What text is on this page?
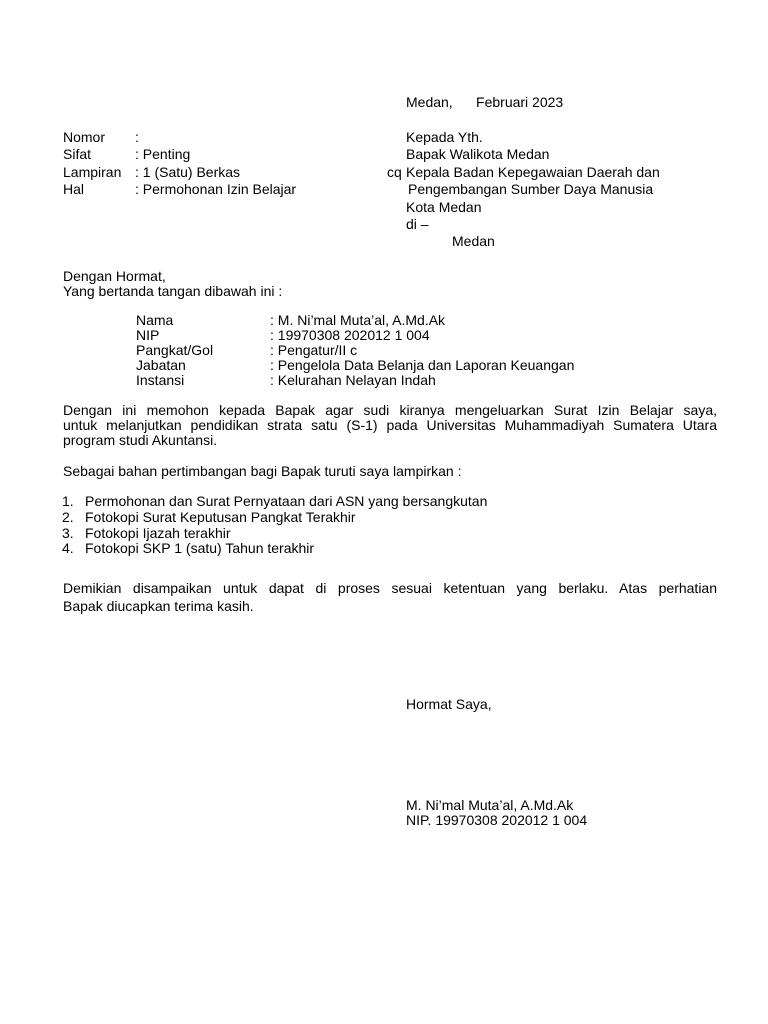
Medan,      Februari 2023
Nomor :
Sifat	: Penting
Lampiran : 1 (Satu) Berkas
Hal	: Permohonan Izin Belajar
Kepada Yth.
Bapak Walikota Medan
cq Kepala Badan Kepegawaian Daerah dan
Pengembangan Sumber Daya Manusia
Kota Medan
di –
Medan
Dengan Hormat,
Yang bertanda tangan dibawah ini :
Nama	: M. Ni’mal Muta’al, A.Md.Ak
NIP	: 19970308 202012 1 004
Pangkat/Gol	: Pengatur/II c
Jabatan	: Pengelola Data Belanja dan Laporan Keuangan
Instansi	: Kelurahan Nelayan Indah
Dengan ini memohon kepada Bapak agar sudi kiranya mengeluarkan Surat Izin Belajar saya,
untuk melanjutkan pendidikan strata satu (S-1) pada Universitas Muhammadiyah Sumatera Utara
program studi Akuntansi.
Sebagai bahan pertimbangan bagi Bapak turuti saya lampirkan :
1. Permohonan dan Surat Pernyataan dari ASN yang bersangkutan
2. Fotokopi Surat Keputusan Pangkat Terakhir
3. Fotokopi Ijazah terakhir
4. Fotokopi SKP 1 (satu) Tahun terakhir
Demikian disampaikan untuk dapat di proses sesuai ketentuan yang berlaku. Atas perhatian
Bapak diucapkan terima kasih.
Hormat Saya,
M. Ni’mal Muta’al, A.Md.Ak
NIP. 19970308 202012 1 004
